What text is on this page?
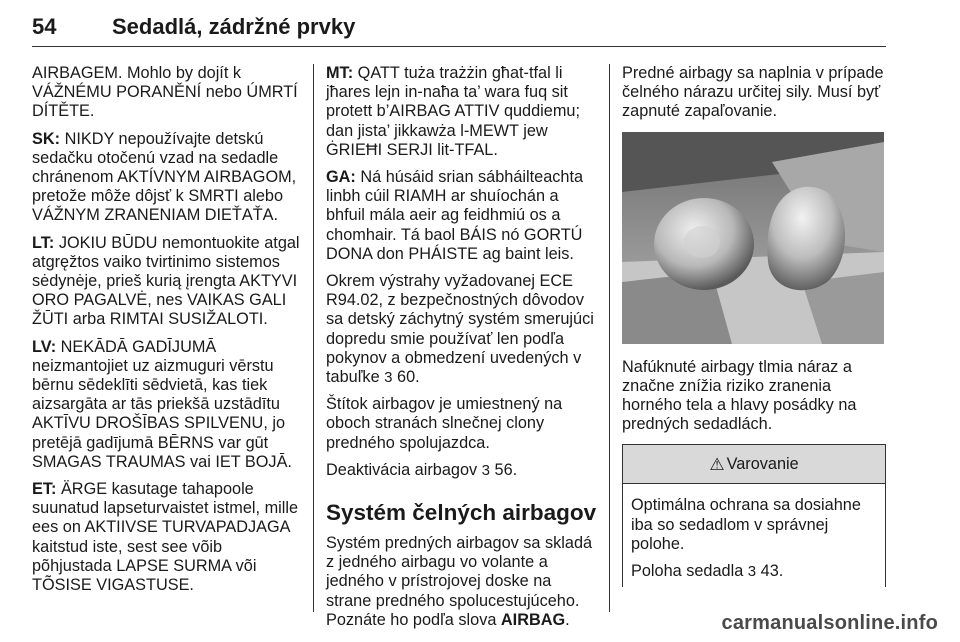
54	Sedadlá, zádržné prvky

AIRBAGEM. Mohlo by dojít k VÁŽNÉMU PORANĚNÍ nebo ÚMRTÍ DÍTĚTE.

SK: NIKDY nepoužívajte detskú sedačku otočenú vzad na sedadle chránenom AKTÍVNYM AIRBAGOM, pretože môže dôjsť k SMRTI alebo VÁŽNYM ZRANENIAM DIEŤAŤA.

LT: JOKIU BŪDU nemontuokite atgal atgręžtos vaiko tvirtinimo sistemos sėdynėje, prieš kurią įrengta AKTYVI ORO PAGALVĖ, nes VAIKAS GALI ŽŪTI arba RIMTAI SUSIŽALOTI.

LV: NEKĀDĀ GADĪJUMĀ neizmantojiet uz aizmuguri vērstu bērnu sēdeklīti sēdvietā, kas tiek aizsargāta ar tās priekšā uzstādītu AKTĪVU DROŠĪBAS SPILVENU, jo pretējā gadījumā BĒRNS var gūt SMAGAS TRAUMAS vai IET BOJĀ.

ET: ÄRGE kasutage tahapoole suunatud lapseturvaistet istmel, mille ees on AKTIIVSE TURVAPADJAGA kaitstud iste, sest see võib põhjustada LAPSE SURMA või TÕSISE VIGASTUSE.

MT: QATT tuża trażżin għat-tfal li jħares lejn in-naħa ta’ wara fuq sit protett b’AIRBAG ATTIV quddiemu; dan jista’ jikkawża l-MEWT jew ĠRIEĦI SERJI lit-TFAL.

GA: Ná húsáid srian sábháilteachta linbh cúil RIAMH ar shuíochán a bhfuil mála aeir ag feidhmiú os a chomhair. Tá baol BÁIS nó GORTÚ DONA don PHÁISTE ag baint leis.

Okrem výstrahy vyžadovanej ECE R94.02, z bezpečnostných dôvodov sa detský záchytný systém smerujúci dopredu smie používať len podľa pokynov a obmedzení uvedených v tabuľke 3 60.

Štítok airbagov je umiestnený na oboch stranách slnečnej clony predného spolujazdca.

Deaktivácia airbagov 3 56.

Systém čelných airbagov

Systém predných airbagov sa skladá z jedného airbagu vo volante a jedného v prístrojovej doske na strane predného spolucestujúceho. Poznáte ho podľa slova AIRBAG.

Predné airbagy sa naplnia v prípade čelného nárazu určitej sily. Musí byť zapnuté zapaľovanie.

Nafúknuté airbagy tlmia náraz a značne znížia riziko zranenia horného tela a hlavy posádky na predných sedadlách.

⚠ Varovanie

Optimálna ochrana sa dosiahne iba so sedadlom v správnej polohe.

Poloha sedadla 3 43.

carmanualsonline.info
